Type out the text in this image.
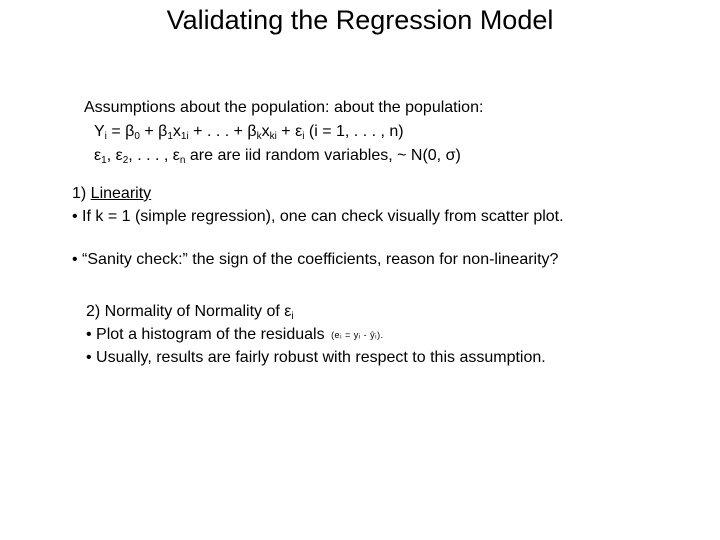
Validating the Regression Model
Assumptions about the population: about the population:
$Y_i = \beta_0 + \beta_1x_{1i}$ + . . . + $\beta_kx_{ki} + \varepsilon_i$ (i = 1, . . . , n)
$\varepsilon_1$, $\varepsilon_2$, . . . , $\varepsilon_n$ are are iid random variables, ~ N(0, σ)
1) Linearity
• If k = 1 (simple regression), one can check visually from scatter plot.
• “Sanity check:” the sign of the coefficients, reason for non-linearity?
2) Normality of Normality of $\varepsilon_i$
• Plot a histogram of the residuals (eᵢ = yᵢ - ŷᵢ).
• Usually, results are fairly robust with respect to this assumption.
